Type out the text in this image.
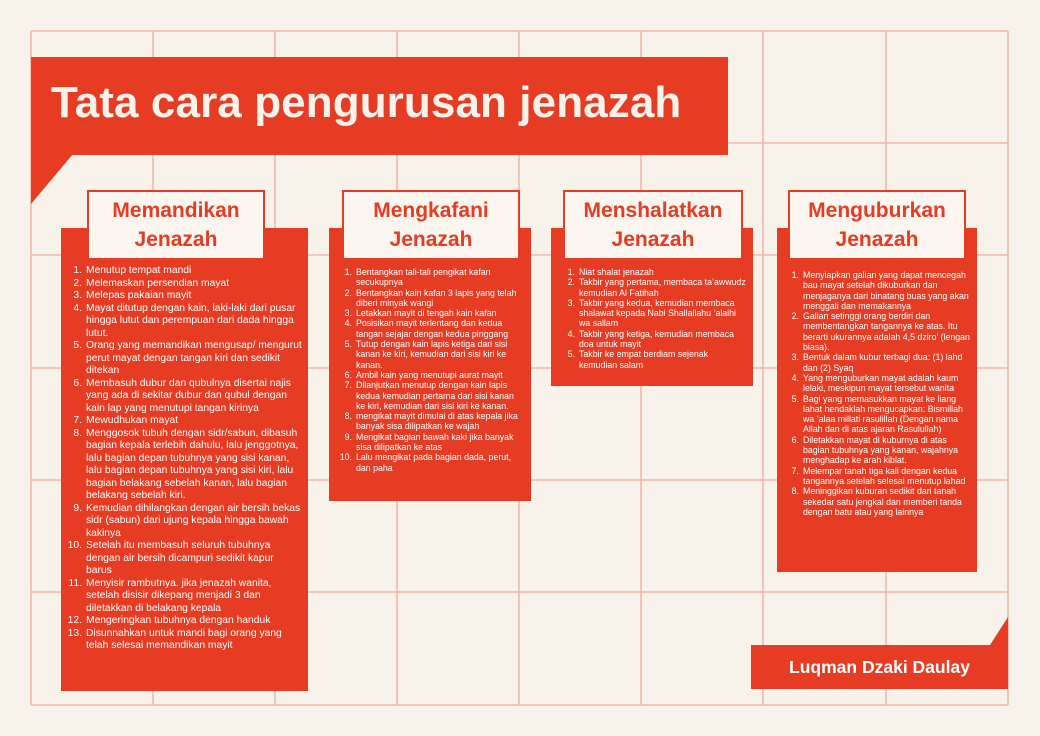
Tata cara pengurusan jenazah
Memandikan
Jenazah
1. Menutup tempat mandi
2. Melemaskan persendian mayat
3. Melepas pakaian mayit
4. Mayat ditutup dengan kain, laki-laki dari pusar hingga lutut dan perempuan dari dada hingga lutut.
5. Orang yang memandikan mengusap/ mengurut perut mayat dengan tangan kiri dan sedikit ditekan
6. Membasuh dubur dan qubulnya disertai najis yang ada di sekitar dubur dan qubul dengan kain lap yang menutupi tangan kirinya
7. Mewudhukan mayat
8. Menggosok tubuh dengan sidr/sabun, dibasuh bagian kepala terlebih dahulu, lalu jenggotnya, lalu bagian depan tubuhnya yang sisi kanan, lalu bagian depan tubuhnya yang sisi kiri, lalu bagian belakang sebelah kanan, lalu bagian belakang sebelah kiri.
9. Kemudian dihilangkan dengan air bersih bekas sidr (sabun) dari ujung kepala hingga bawah kakinya
10. Setelah itu membasuh seluruh tubuhnya dengan air bersih dicampuri sedikit kapur barus
11. Menyisir rambutnya. jika jenazah wanita, setelah disisir dikepang menjadi 3 dan diletakkan di belakang kepala
12. Mengeringkan tubuhnya dengan handuk
13. Disunnahkan untuk mandi bagi orang yang telah selesai memandikan mayit
Mengkafani
Jenazah
1. Bentangkan tali-tali pengikat kafan secukupnya
2. Bentangkan kain kafan 3 lapis yang telah diberi minyak wangi
3. Letakkan mayit di tengah kain kafan
4. Posisikan mayit terlentang dan kedua tangan sejajar dengan kedua pinggang
5. Tutup dengan kain lapis ketiga dari sisi kanan ke kiri, kemudian dari sisi kiri ke kanan.
6. Ambil kain yang menutupi aurat mayit
7. Dilanjutkan menutup dengan kain lapis kedua kemudian pertama dari sisi kanan ke kiri, kemudian dari sisi kiri ke kanan.
8. mengikat mayit dimulai di atas kepala jika banyak sisa dilipatkan ke wajah
9. Mengikat bagian bawah kaki jika banyak sisa dilipatkan ke atas
10. Lalu mengikat pada bagian dada, perut, dan paha
Menshalatkan
Jenazah
1. Niat shalat jenazah
2. Takbir yang pertama, membaca ta’awwudz kemudian Al Fatihah
3. Takbir yang kedua, kemudian membaca shalawat kepada Nabi Shallallahu ‘alaihi wa sallam
4. Takbir yang ketiga, kemudian membaca doa untuk mayit
5. Takbir ke empat berdiam sejenak kemudian salam
Menguburkan
Jenazah
1. Menyiapkan galian yang dapat mencegah bau mayat setelah dikuburkan dan menjaganya dari binatang buas yang akan menggali dan memakannya
2. Galian setinggi orang berdiri dan membentangkan tangannya ke atas. Itu berarti ukurannya adalah 4,5 dziro’ (lengan biasa).
3. Bentuk dalam kubur terbagi dua: (1) lahd dan (2) Syaq
4. Yang menguburkan mayat adalah kaum lelaki, meskipun mayat tersebut wanita
5. Bagi yang memasukkan mayat ke liang lahat hendaklah mengucapkan: Bismillah wa ‘alaa millati rasulillah (Dengan nama Allah dan di atas ajaran Rasulullah)
6. Diletakkan mayat di kuburnya di atas bagian tubuhnya yang kanan, wajahnya menghadap ke arah kiblat.
7. Melempar tanah tiga kali dengan kedua tangannya setelah selesai menutup lahad
8. Meninggikan kuburan sedikit dari tanah sekedar satu jengkal dan memberi tanda dengan batu atau yang lainnya
Luqman Dzaki Daulay
